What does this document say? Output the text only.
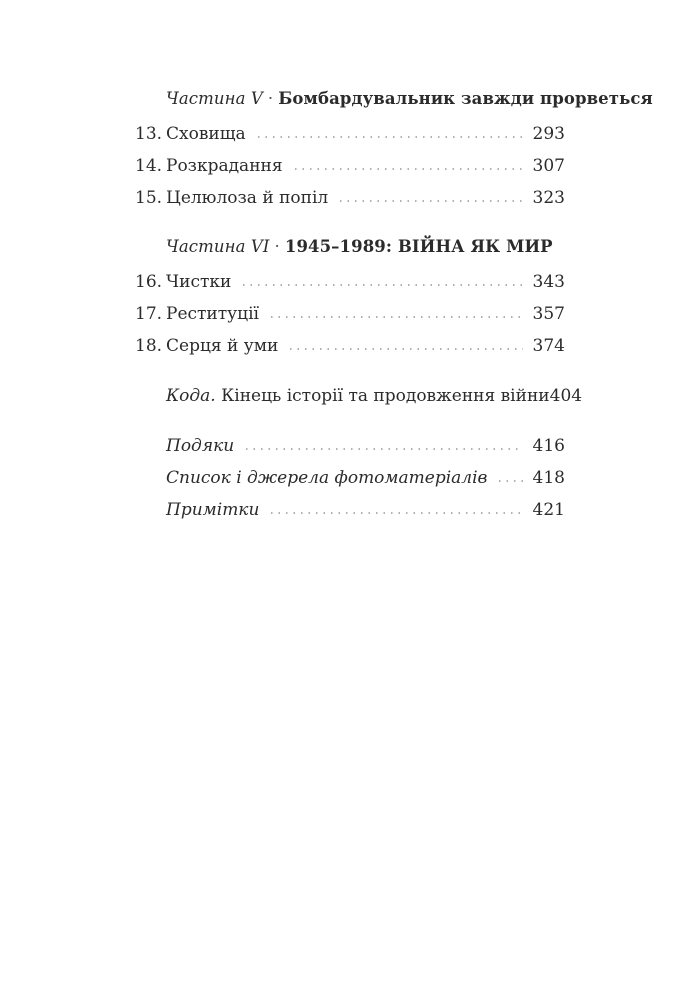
Частина V · Бомбардувальник завжди прорветься
13. Сховища	293
14. Розкрадання	307
15. Целюлоза й попіл	323
Частина VI · 1945–1989: ВІЙНА ЯК МИР
16. Чистки	343
17. Реституції	357
18. Серця й уми	374
Кода. Кінець історії та продовження війни 404
Подяки	416
Список і джерела фотоматеріалів	418
Примітки	421
